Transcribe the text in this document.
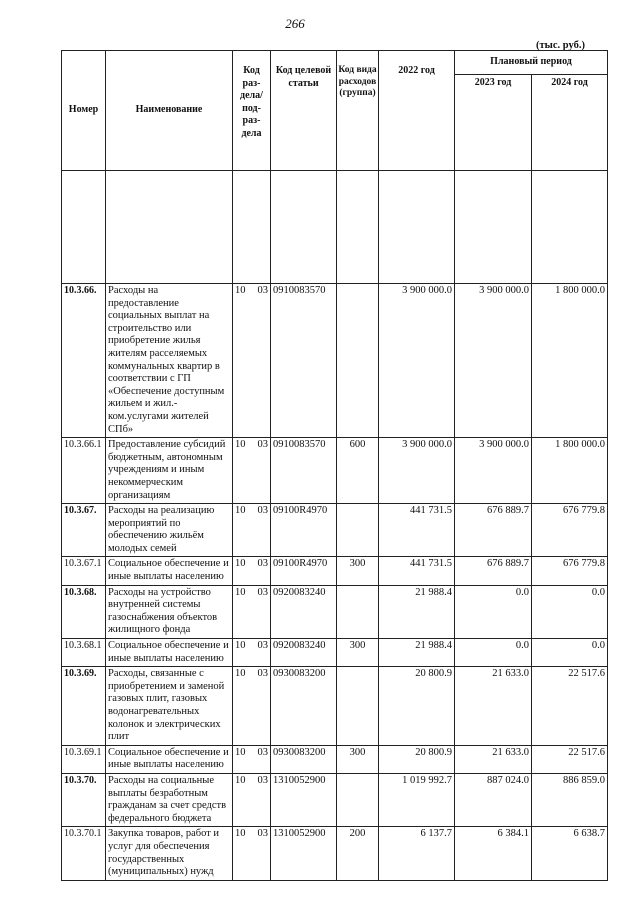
266
(тыс. руб.)
Номер	Наименование	Код раз-дела/ под-раз-дела	Код целевой статьи	Код вида расходов (группа)	2022 год	Плановый период	
						2023 год	2024 год

10.3.66.	Расходы на предоставление социальных выплат на строительство или приобретение жилья жителям расселяемых коммунальных квартир в соответствии с ГП «Обеспечение доступным жильем и жил.-ком.услугами жителей СПб»	10 03	0910083570		3 900 000.0	3 900 000.0	1 800 000.0
10.3.66.1	Предоставление субсидий бюджетным, автономным учреждениям и иным некоммерческим организациям	10 03	0910083570	600	3 900 000.0	3 900 000.0	1 800 000.0
10.3.67.	Расходы на реализацию мероприятий по обеспечению жильём молодых семей	10 03	09100R4970		441 731.5	676 889.7	676 779.8
10.3.67.1	Социальное обеспечение и иные выплаты населению	10 03	09100R4970	300	441 731.5	676 889.7	676 779.8
10.3.68.	Расходы на устройство внутренней системы газоснабжения объектов жилищного фонда	10 03	0920083240		21 988.4	0.0	0.0
10.3.68.1	Социальное обеспечение и иные выплаты населению	10 03	0920083240	300	21 988.4	0.0	0.0
10.3.69.	Расходы, связанные с приобретением и заменой газовых плит, газовых водонагревательных колонок и электрических плит	10 03	0930083200		20 800.9	21 633.0	22 517.6
10.3.69.1	Социальное обеспечение и иные выплаты населению	10 03	0930083200	300	20 800.9	21 633.0	22 517.6
10.3.70.	Расходы на социальные выплаты безработным гражданам за счет средств федерального бюджета	10 03	1310052900		1 019 992.7	887 024.0	886 859.0
10.3.70.1	Закупка товаров, работ и услуг для обеспечения государственных (муниципальных) нужд	10 03	1310052900	200	6 137.7	6 384.1	6 638.7
